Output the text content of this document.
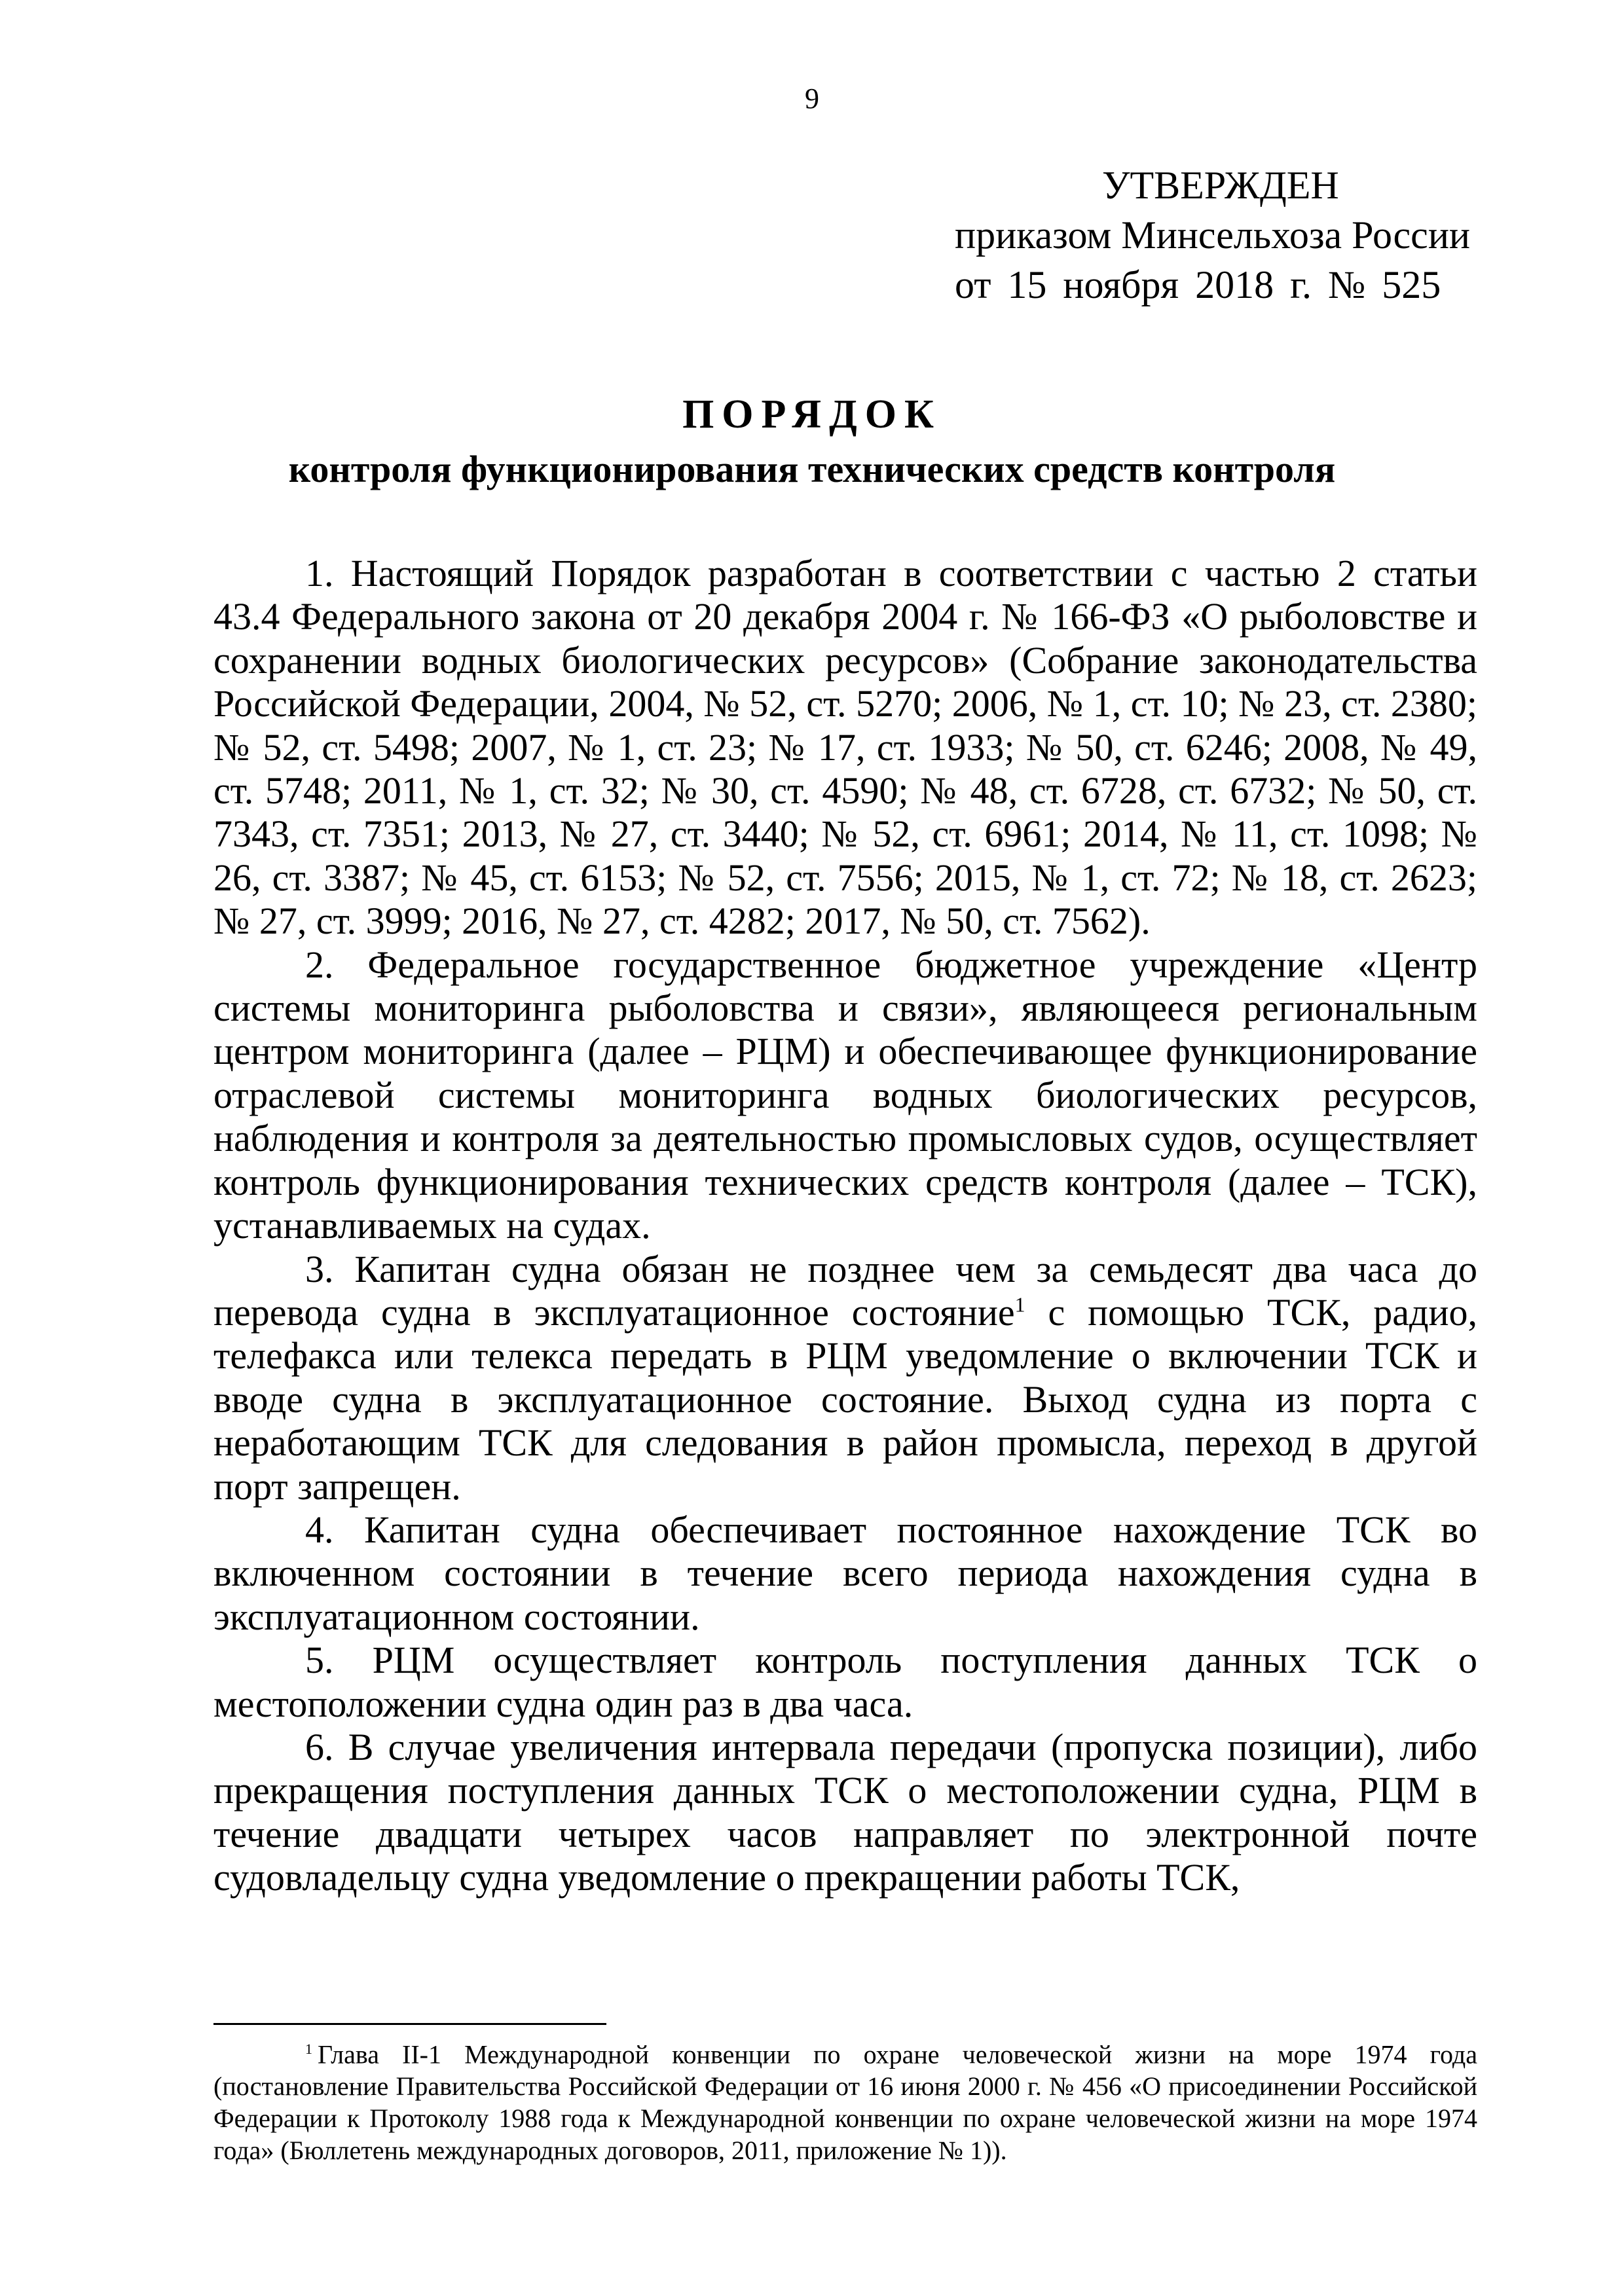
9
УТВЕРЖДЕН
приказом Минсельхоза России
от 15 ноября 2018 г. № 525
ПОРЯДОК
контроля функционирования технических средств контроля

1. Настоящий Порядок разработан в соответствии с частью 2 статьи 43.4 Федерального закона от 20 декабря 2004 г. № 166-ФЗ «О рыболовстве и сохранении водных биологических ресурсов» (Собрание законодательства Российской Федерации, 2004, № 52, ст. 5270; 2006, № 1, ст. 10; № 23, ст. 2380; № 52, ст. 5498; 2007, № 1, ст. 23; № 17, ст. 1933; № 50, ст. 6246; 2008, № 49, ст. 5748; 2011, № 1, ст. 32; № 30, ст. 4590; № 48, ст. 6728, ст. 6732; № 50, ст. 7343, ст. 7351; 2013, № 27, ст. 3440; № 52, ст. 6961; 2014, № 11, ст. 1098; № 26, ст. 3387; № 45, ст. 6153; № 52, ст. 7556; 2015, № 1, ст. 72; № 18, ст. 2623; № 27, ст. 3999; 2016, № 27, ст. 4282; 2017, № 50, ст. 7562).

2. Федеральное государственное бюджетное учреждение «Центр системы мониторинга рыболовства и связи», являющееся региональным центром мониторинга (далее – РЦМ) и обеспечивающее функционирование отраслевой системы мониторинга водных биологических ресурсов, наблюдения и контроля за деятельностью промысловых судов, осуществляет контроль функционирования технических средств контроля (далее – ТСК), устанавливаемых на судах.

3. Капитан судна обязан не позднее чем за семьдесят два часа до перевода судна в эксплуатационное состояние$^1$ с помощью ТСК, радио, телефакса или телекса передать в РЦМ уведомление о включении ТСК и вводе судна в эксплуатационное состояние. Выход судна из порта с неработающим ТСК для следования в район промысла, переход в другой порт запрещен.

4. Капитан судна обеспечивает постоянное нахождение ТСК во включенном состоянии в течение всего периода нахождения судна в эксплуатационном состоянии.

5. РЦМ осуществляет контроль поступления данных ТСК о местоположении судна один раз в два часа.

6. В случае увеличения интервала передачи (пропуска позиции), либо прекращения поступления данных ТСК о местоположении судна, РЦМ в течение двадцати четырех часов направляет по электронной почте судовладельцу судна уведомление о прекращении работы ТСК,

$^1$ Глава II-1 Международной конвенции по охране человеческой жизни на море 1974 года (постановление Правительства Российской Федерации от 16 июня 2000 г. № 456 «О присоединении Российской Федерации к Протоколу 1988 года к Международной конвенции по охране человеческой жизни на море 1974 года» (Бюллетень международных договоров, 2011, приложение № 1)).
